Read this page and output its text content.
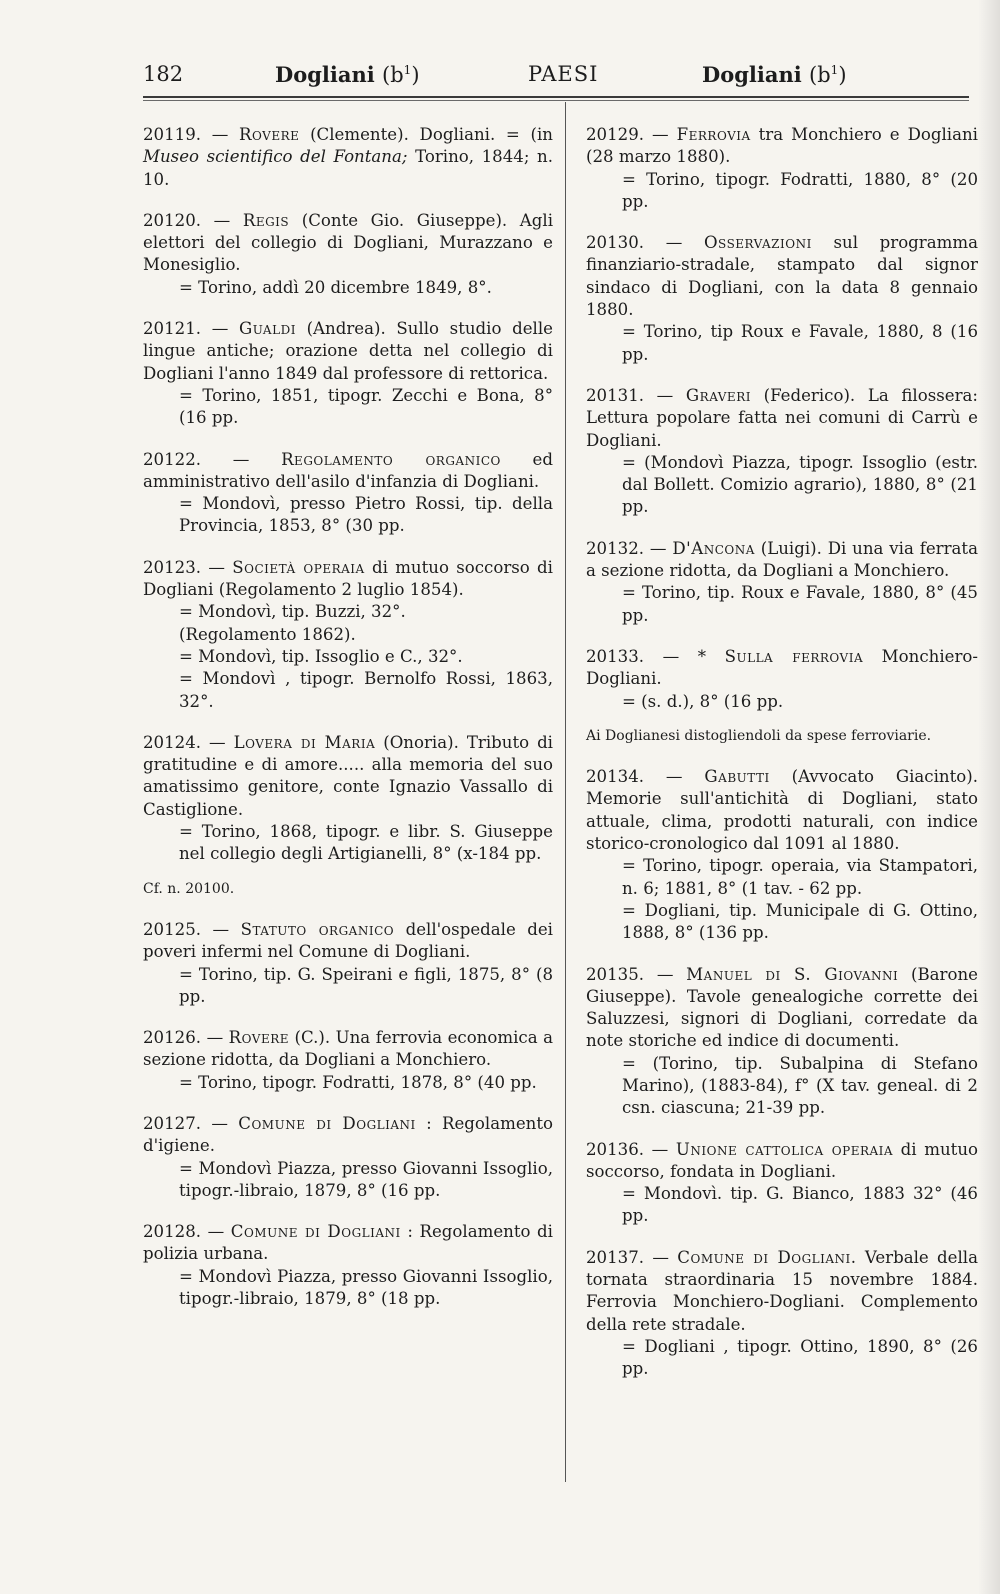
182	Dogliani $(b^1)$	PAESI	Dogliani $(b^1)$

20119. — Rovere (Clemente). Dogliani. = (in Museo scientifico del Fontana; Torino, 1844; n. 10.

20120. — Regis (Conte Gio. Giuseppe). Agli elettori del collegio di Dogliani, Murazzano e Monesiglio.

= Torino, addì 20 dicembre 1849, 8°.

20121. — Gualdi (Andrea). Sullo studio delle lingue antiche; orazione detta nel collegio di Dogliani l'anno 1849 dal professore di rettorica.

= Torino, 1851, tipogr. Zecchi e Bona, 8° (16 pp.

20122. — Regolamento organico ed amministrativo dell'asilo d'infanzia di Dogliani.

= Mondovì, presso Pietro Rossi, tip. della Provincia, 1853, 8° (30 pp.

20123. — Società operaia di mutuo soccorso di Dogliani (Regolamento 2 luglio 1854).

= Mondovì, tip. Buzzi, 32°.

(Regolamento 1862).

= Mondovì, tip. Issoglio e C., 32°.

= Mondovì , tipogr. Bernolfo Rossi, 1863, 32°.

20124. — Lovera di Maria (Onoria). Tributo di gratitudine e di amore..... alla memoria del suo amatissimo genitore, conte Ignazio Vassallo di Castiglione.

= Torino, 1868, tipogr. e libr. S. Giuseppe nel collegio degli Artigianelli, 8° (x-184 pp.

Cf. n. 20100.

20125. — Statuto organico dell'ospedale dei poveri infermi nel Comune di Dogliani.

= Torino, tip. G. Speirani e figli, 1875, 8° (8 pp.

20126. — Rovere (C.). Una ferrovia economica a sezione ridotta, da Dogliani a Monchiero.

= Torino, tipogr. Fodratti, 1878, 8° (40 pp.

20127. — Comune di Dogliani : Regolamento d'igiene.

= Mondovì Piazza, presso Giovanni Issoglio, tipogr.-libraio, 1879, 8° (16 pp.

20128. — Comune di Dogliani : Regolamento di polizia urbana.

= Mondovì Piazza, presso Giovanni Issoglio, tipogr.-libraio, 1879, 8° (18 pp.

20129. — Ferrovia tra Monchiero e Dogliani (28 marzo 1880).

= Torino, tipogr. Fodratti, 1880, 8° (20 pp.

20130. — Osservazioni sul programma finanziario-stradale, stampato dal signor sindaco di Dogliani, con la data 8 gennaio 1880.

= Torino, tip Roux e Favale, 1880, 8 (16 pp.

20131. — Graveri (Federico). La filossera: Lettura popolare fatta nei comuni di Carrù e Dogliani.

= (Mondovì Piazza, tipogr. Issoglio (estr. dal Bollett. Comizio agrario), 1880, 8° (21 pp.

20132. — D'Ancona (Luigi). Di una via ferrata a sezione ridotta, da Dogliani a Monchiero.

= Torino, tip. Roux e Favale, 1880, 8° (45 pp.

20133. — * Sulla ferrovia Monchiero-Dogliani.

= (s. d.), 8° (16 pp.

Ai Doglianesi distogliendoli da spese ferroviarie.

20134. — Gabutti (Avvocato Giacinto). Memorie sull'antichità di Dogliani, stato attuale, clima, prodotti naturali, con indice storico-cronologico dal 1091 al 1880.

= Torino, tipogr. operaia, via Stampatori, n. 6; 1881, 8° (1 tav. - 62 pp.

= Dogliani, tip. Municipale di G. Ottino, 1888, 8° (136 pp.

20135. — Manuel di S. Giovanni (Barone Giuseppe). Tavole genealogiche corrette dei Saluzzesi, signori di Dogliani, corredate da note storiche ed indice di documenti.

= (Torino, tip. Subalpina di Stefano Marino), (1883-84), f° (X tav. geneal. di 2 csn. ciascuna; 21-39 pp.

20136. — Unione cattolica operaia di mutuo soccorso, fondata in Dogliani.

= Mondovì. tip. G. Bianco, 1883 32° (46 pp.

20137. — Comune di Dogliani. Verbale della tornata straordinaria 15 novembre 1884. Ferrovia Monchiero-Dogliani. Complemento della rete stradale.

= Dogliani , tipogr. Ottino, 1890, 8° (26 pp.
